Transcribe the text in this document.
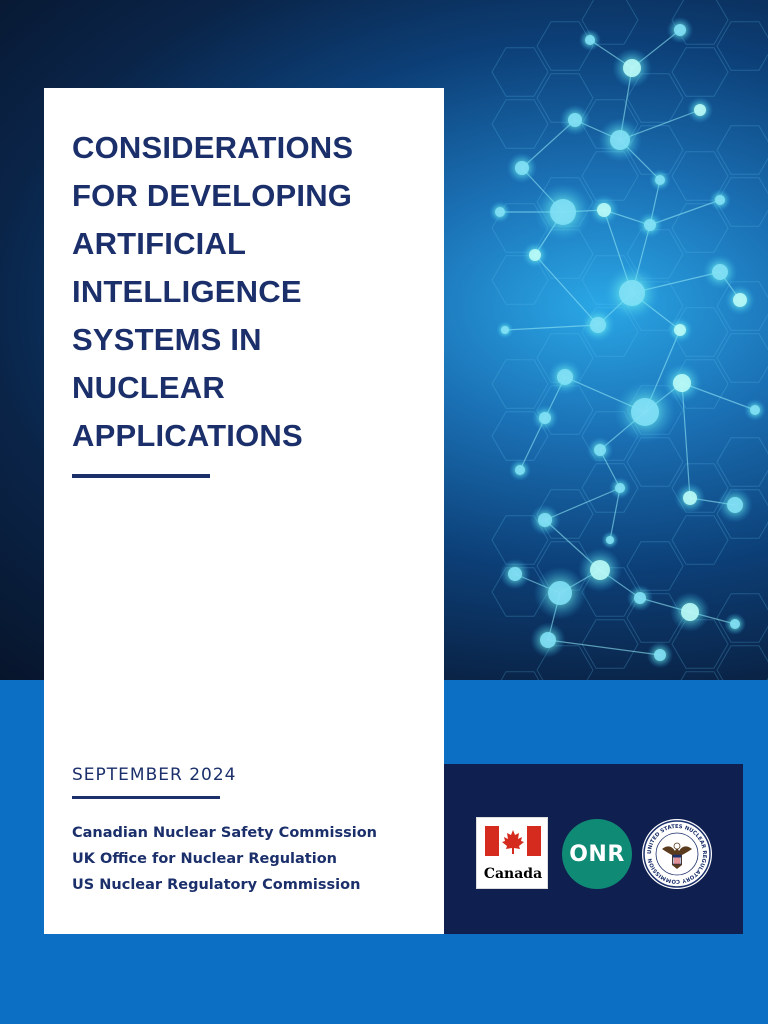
CONSIDERATIONS FOR DEVELOPING ARTIFICIAL INTELLIGENCE SYSTEMS IN NUCLEAR APPLICATIONS
SEPTEMBER 2024
Canadian Nuclear Safety Commission
UK Office for Nuclear Regulation
US Nuclear Regulatory Commission
Canada
ONR	UNITED STATES NUCLEAR REGULATORY COMMISSION
